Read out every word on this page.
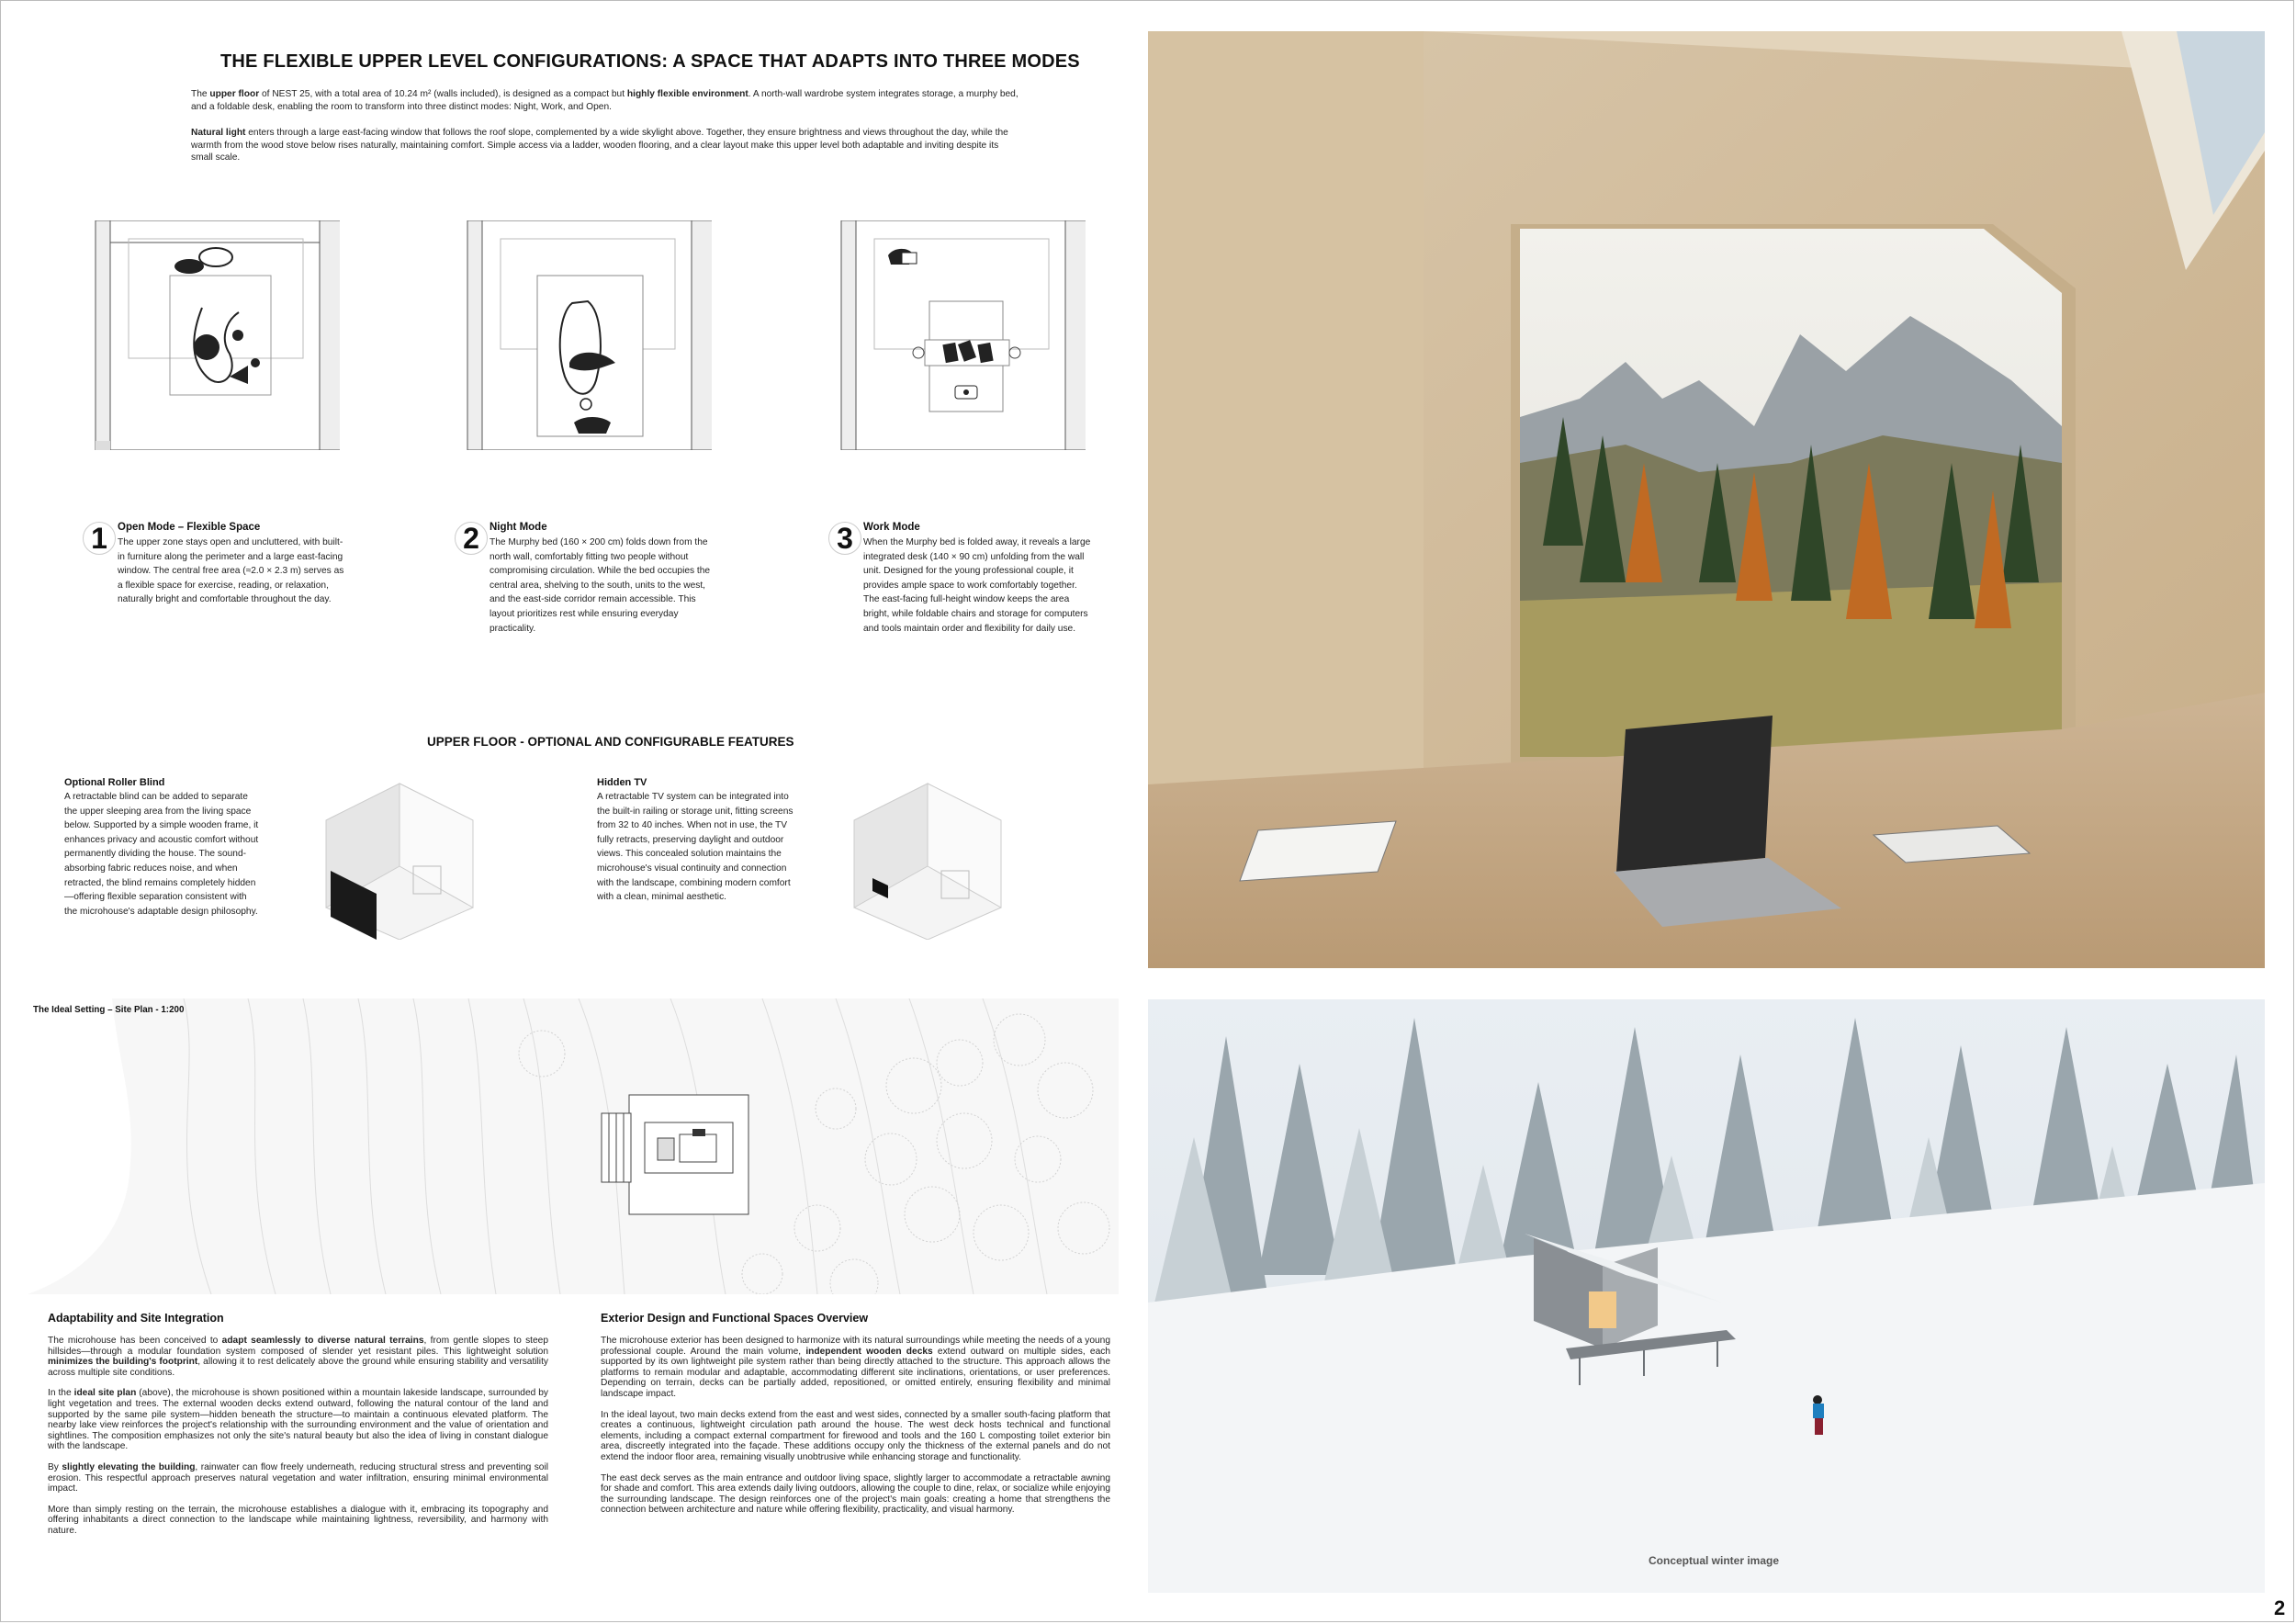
THE FLEXIBLE UPPER LEVEL CONFIGURATIONS: A SPACE THAT ADAPTS INTO THREE MODES
The upper floor of NEST 25, with a total area of 10.24 m² (walls included), is designed as a compact but highly flexible environment. A north-wall wardrobe system integrates storage, a murphy bed, and a foldable desk, enabling the room to transform into three distinct modes: Night, Work, and Open.
Natural light enters through a large east-facing window that follows the roof slope, complemented by a wide skylight above. Together, they ensure brightness and views throughout the day, while the warmth from the wood stove below rises naturally, maintaining comfort. Simple access via a ladder, wooden flooring, and a clear layout make this upper level both adaptable and inviting despite its small scale.
1 Open Mode – Flexible Space
The upper zone stays open and uncluttered, with built-in furniture along the perimeter and a large east-facing window. The central free area (≈2.0 × 2.3 m) serves as a flexible space for exercise, reading, or relaxation, naturally bright and comfortable throughout the day.
2 Night Mode
The Murphy bed (160 × 200 cm) folds down from the north wall, comfortably fitting two people without compromising circulation. While the bed occupies the central area, shelving to the south, units to the west, and the east-side corridor remain accessible. This layout prioritizes rest while ensuring everyday practicality.
3 Work Mode
When the Murphy bed is folded away, it reveals a large integrated desk (140 × 90 cm) unfolding from the wall unit. Designed for the young professional couple, it provides ample space to work comfortably together. The east-facing full-height window keeps the area bright, while foldable chairs and storage for computers and tools maintain order and flexibility for daily use.
UPPER FLOOR - OPTIONAL AND CONFIGURABLE FEATURES
Optional Roller Blind
A retractable blind can be added to separate the upper sleeping area from the living space below. Supported by a simple wooden frame, it enhances privacy and acoustic comfort without permanently dividing the house. The sound-absorbing fabric reduces noise, and when retracted, the blind remains completely hidden—offering flexible separation consistent with the microhouse's adaptable design philosophy.
Hidden TV
A retractable TV system can be integrated into the built-in railing or storage unit, fitting screens from 32 to 40 inches. When not in use, the TV fully retracts, preserving daylight and outdoor views. This concealed solution maintains the microhouse's visual continuity and connection with the landscape, combining modern comfort with a clean, minimal aesthetic.
The Ideal Setting – Site Plan - 1:200
Adaptability and Site Integration

The microhouse has been conceived to adapt seamlessly to diverse natural terrains, from gentle slopes to steep hillsides—through a modular foundation system composed of slender yet resistant piles. This lightweight solution minimizes the building's footprint, allowing it to rest delicately above the ground while ensuring stability and versatility across multiple site conditions.

In the ideal site plan (above), the microhouse is shown positioned within a mountain lakeside landscape, surrounded by light vegetation and trees. The external wooden decks extend outward, following the natural contour of the land and supported by the same pile system—hidden beneath the structure—to maintain a continuous elevated platform. The nearby lake view reinforces the project's relationship with the surrounding environment and the value of orientation and sightlines. The composition emphasizes not only the site's natural beauty but also the idea of living in constant dialogue with the landscape.

By slightly elevating the building, rainwater can flow freely underneath, reducing structural stress and preventing soil erosion. This respectful approach preserves natural vegetation and water infiltration, ensuring minimal environmental impact.

More than simply resting on the terrain, the microhouse establishes a dialogue with it, embracing its topography and offering inhabitants a direct connection to the landscape while maintaining lightness, reversibility, and harmony with nature.

Exterior Design and Functional Spaces Overview

The microhouse exterior has been designed to harmonize with its natural surroundings while meeting the needs of a young professional couple. Around the main volume, independent wooden decks extend outward on multiple sides, each supported by its own lightweight pile system rather than being directly attached to the structure. This approach allows the platforms to remain modular and adaptable, accommodating different site inclinations, orientations, or user preferences. Depending on terrain, decks can be partially added, repositioned, or omitted entirely, ensuring flexibility and minimal landscape impact.

In the ideal layout, two main decks extend from the east and west sides, connected by a smaller south-facing platform that creates a continuous, lightweight circulation path around the house. The west deck hosts technical and functional elements, including a compact external compartment for firewood and tools and the 160 L composting toilet exterior bin area, discreetly integrated into the façade. These additions occupy only the thickness of the external panels and do not extend the indoor floor area, remaining visually unobtrusive while enhancing storage and functionality.

The east deck serves as the main entrance and outdoor living space, slightly larger to accommodate a retractable awning for shade and comfort. This area extends daily living outdoors, allowing the couple to dine, relax, or socialize while enjoying the surrounding landscape. The design reinforces one of the project's main goals: creating a home that strengthens the connection between architecture and nature while offering flexibility, practicality, and visual harmony.

Conceptual winter image
2
